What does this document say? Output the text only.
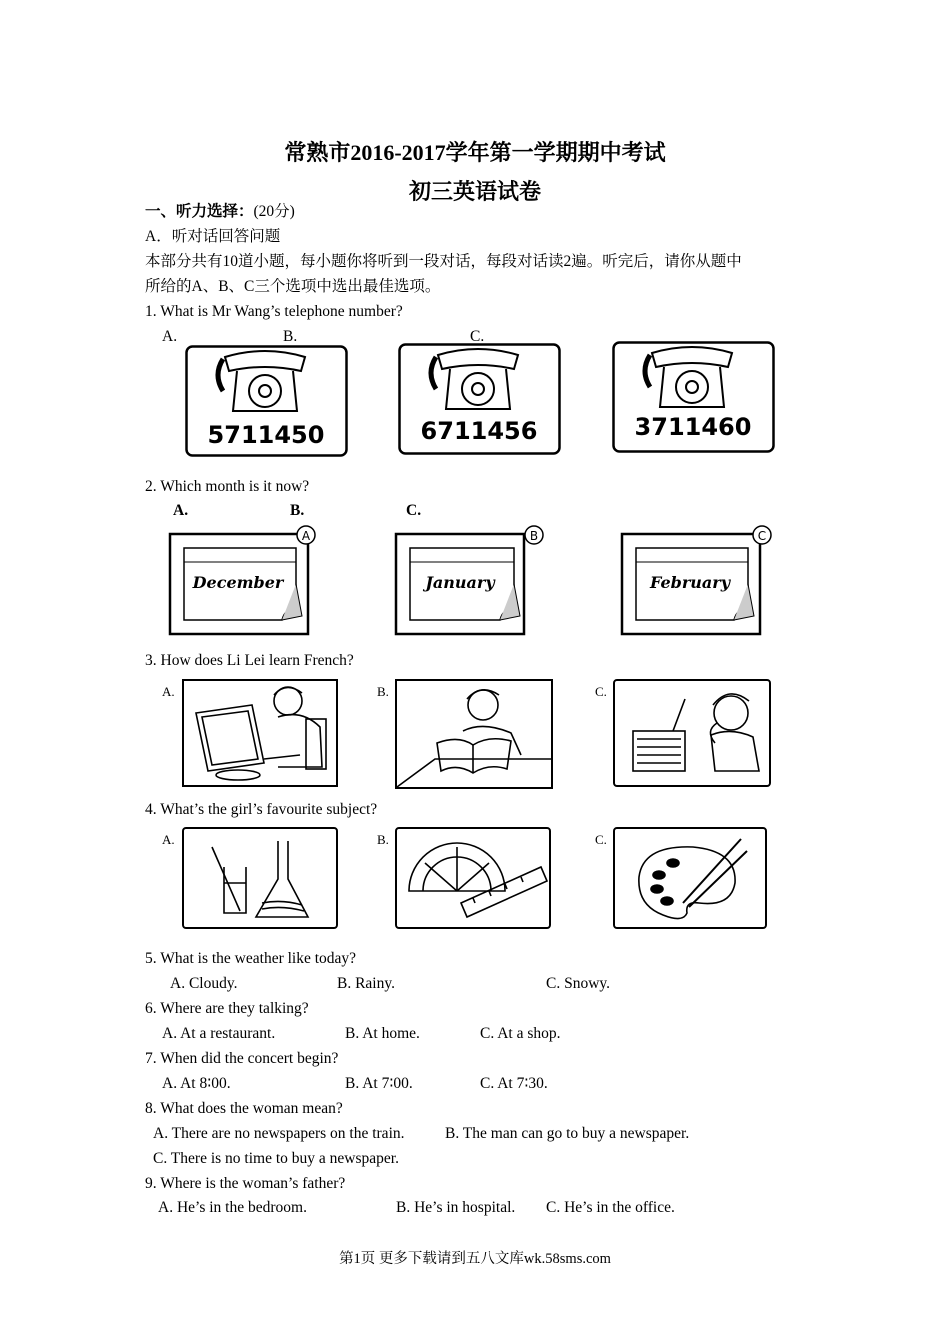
常熟市2016-2017学年第一学期期中考试
初三英语试卷
一、听力选择：(20分)
A．听对话回答问题
本部分共有10道小题，每小题你将听到一段对话，每段对话读2遍。听完后，请你从题中
所给的A、B、C三个选项中选出最佳选项。
1. What is Mr Wang’s telephone number?
A.	B.	C.
5711450	6711456	3711460
2. Which month is it now?
A.	B.	C.
A
December
B
January
C
February
3. How does Li Lei learn French?
A.	B.	C.
4. What’s the girl’s favourite subject?
A.	B.	C.
5. What is the weather like today?
A. Cloudy.	B. Rainy.	C. Snowy.
6. Where are they talking?
A. At a restaurant.	B. At home.	C. At a shop.
7. When did the concert begin?
A. At 8∶00.	B. At 7∶00.	C. At 7∶30.
8. What does the woman mean?
A. There are no newspapers on the train.	B. The man can go to buy a newspaper.
C. There is no time to buy a newspaper.
9. Where is the woman’s father?
A. He’s in the bedroom.	B. He’s in hospital. C. He’s in the office.
第1页 更多下载请到五八文库wk.58sms.com
